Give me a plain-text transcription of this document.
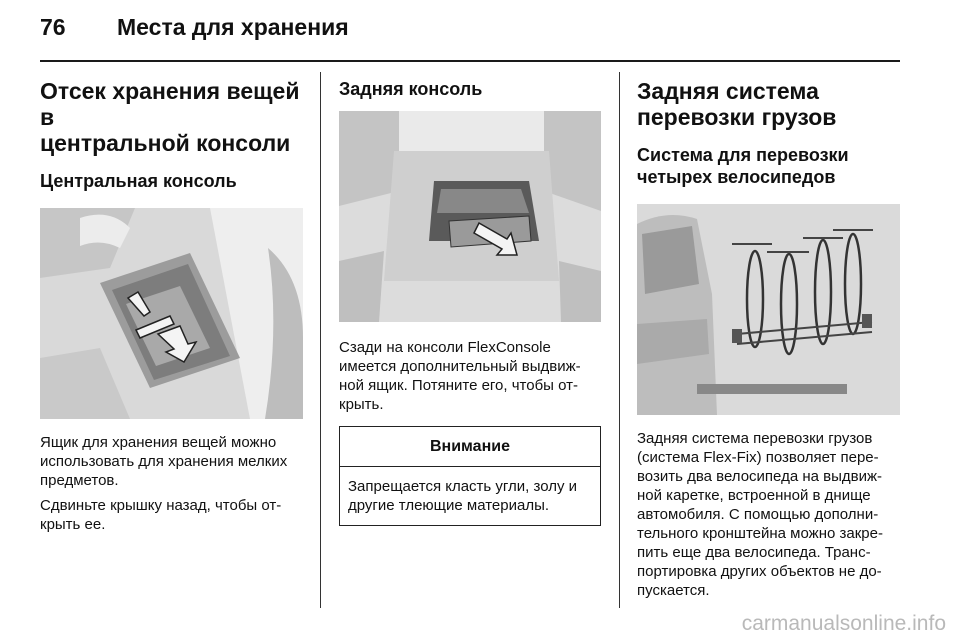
76	Места для хранения
Отсек хранения вещей в
центральной консоли
Центральная консоль

Ящик для хранения вещей можно
использовать для хранения мелких
предметов.

Сдвиньте крышку назад, чтобы от-
крыть ее.

Задняя консоль

Сзади на консоли FlexConsole
имеется дополнительный выдвиж-
ной ящик. Потяните его, чтобы от-
крыть.

Внимание
Запрещается класть угли, золу и
другие тлеющие материалы.
Задняя система
перевозки грузов
Система для перевозки
четырех велосипедов

Задняя система перевозки грузов
(система Flex-Fix) позволяет пере-
возить два велосипеда на выдвиж-
ной каретке, встроенной в днище
автомобиля. С помощью дополни-
тельного кронштейна можно закре-
пить еще два велосипеда. Транс-
портировка других объектов не до-
пускается.

carmanualsonline.info
